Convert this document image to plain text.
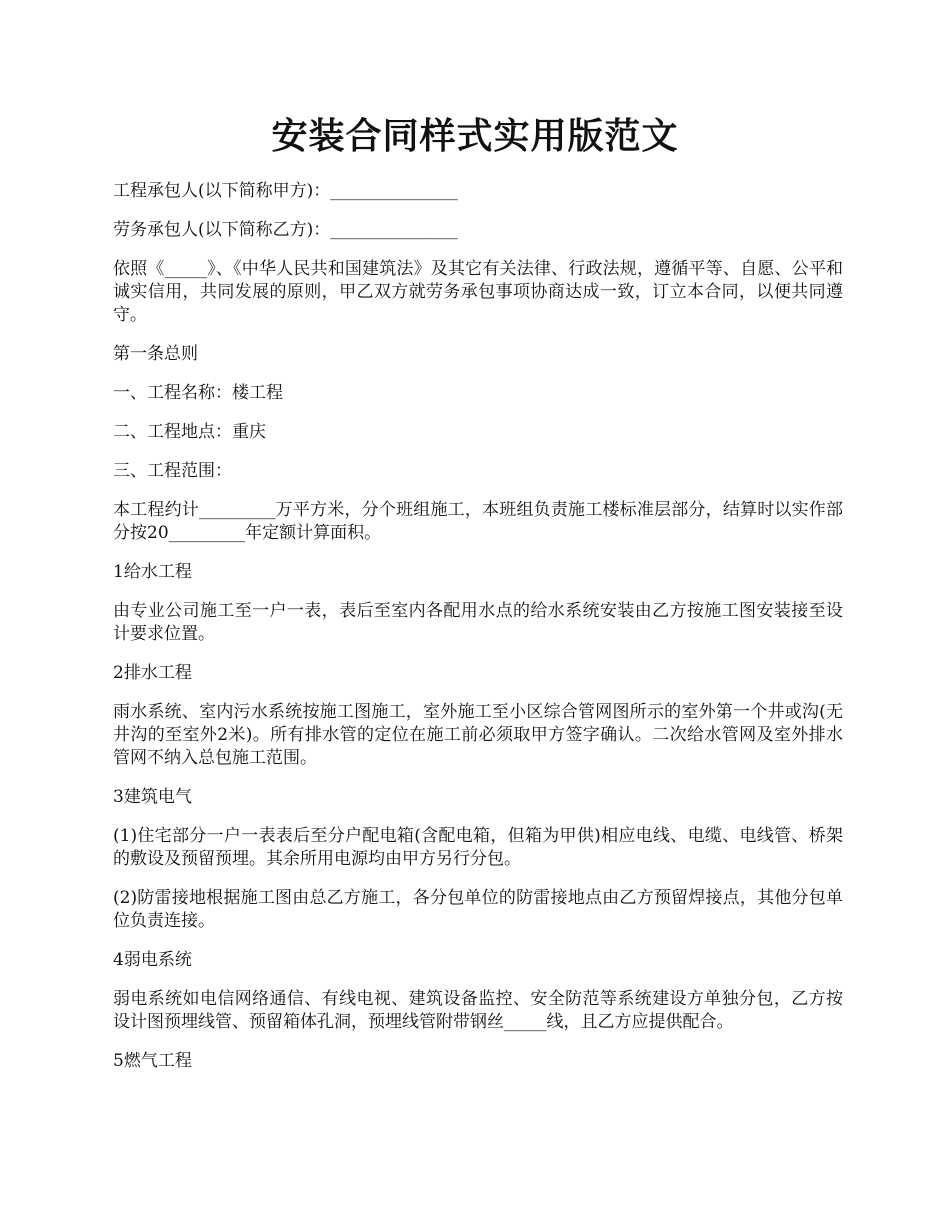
安装合同样式实用版范文

工程承包人(以下简称甲方)：_______________

劳务承包人(以下简称乙方)：_______________

依照《_____》、《中华人民共和国建筑法》及其它有关法律、行政法规，遵循平等、自愿、公平和诚实信用，共同发展的原则，甲乙双方就劳务承包事项协商达成一致，订立本合同，以便共同遵守。

第一条总则

一、工程名称：楼工程

二、工程地点：重庆

三、工程范围：

本工程约计_________万平方米，分个班组施工，本班组负责施工楼标准层部分，结算时以实作部分按20_________年定额计算面积。

1给水工程

由专业公司施工至一户一表，表后至室内各配用水点的给水系统安装由乙方按施工图安装接至设计要求位置。

2排水工程

雨水系统、室内污水系统按施工图施工，室外施工至小区综合管网图所示的室外第一个井或沟(无井沟的至室外2米)。所有排水管的定位在施工前必须取甲方签字确认。二次给水管网及室外排水管网不纳入总包施工范围。

3建筑电气

(1)住宅部分一户一表表后至分户配电箱(含配电箱，但箱为甲供)相应电线、电缆、电线管、桥架的敷设及预留预埋。其余所用电源均由甲方另行分包。

(2)防雷接地根据施工图由总乙方施工，各分包单位的防雷接地点由乙方预留焊接点，其他分包单位负责连接。

4弱电系统

弱电系统如电信网络通信、有线电视、建筑设备监控、安全防范等系统建设方单独分包，乙方按设计图预埋线管、预留箱体孔洞，预埋线管附带钢丝_____线，且乙方应提供配合。

5燃气工程
